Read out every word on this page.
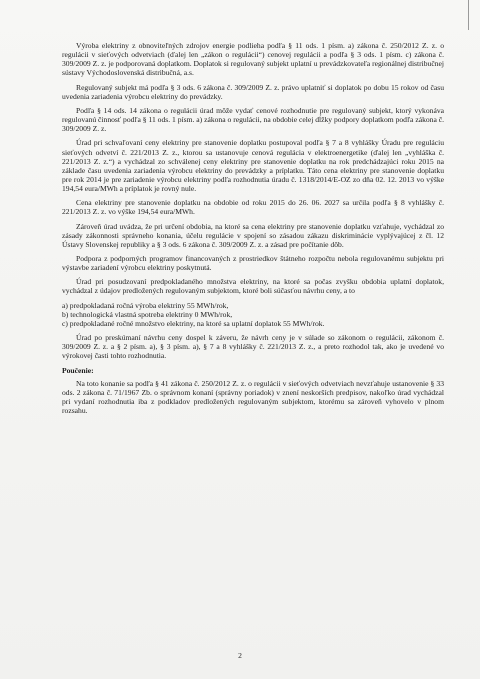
Výroba elektriny z obnoviteľných zdrojov energie podlieha podľa § 11 ods. 1 písm. a) zákona č. 250/2012 Z. z. o regulácii v sieťových odvetviach (ďalej len „zákon o regulácii“) cenovej regulácii a podľa § 3 ods. 1 písm. c) zákona č. 309/2009 Z. z. je podporovaná doplatkom. Doplatok si regulovaný subjekt uplatní u prevádzkovateľa regionálnej distribučnej sústavy Východoslovenská distribučná, a.s.

Regulovaný subjekt má podľa § 3 ods. 6 zákona č. 309/2009 Z. z. právo uplatniť si doplatok po dobu 15 rokov od času uvedenia zariadenia výrobcu elektriny do prevádzky.

Podľa § 14 ods. 14 zákona o regulácii úrad môže vydať cenové rozhodnutie pre regulovaný subjekt, ktorý vykonáva regulovanú činnosť podľa § 11 ods. 1 písm. a) zákona o regulácii, na obdobie celej dĺžky podpory doplatkom podľa zákona č. 309/2009 Z. z.

Úrad pri schvaľovaní ceny elektriny pre stanovenie doplatku postupoval podľa § 7 a 8 vyhlášky Úradu pre reguláciu sieťových odvetví č. 221/2013 Z. z., ktorou sa ustanovuje cenová regulácia v elektroenergetike (ďalej len „vyhláška č. 221/2013 Z. z.“) a vychádzal zo schválenej ceny elektriny pre stanovenie doplatku na rok predchádzajúci roku 2015 na základe času uvedenia zariadenia výrobcu elektriny do prevádzky a príplatku. Táto cena elektriny pre stanovenie doplatku pre rok 2014 je pre zariadenie výrobcu elektriny podľa rozhodnutia úradu č. 1318/2014/E-OZ zo dňa 02. 12. 2013 vo výške 194,54 eura/MWh a príplatok je rovný nule.

Cena elektriny pre stanovenie doplatku na obdobie od roku 2015 do 26. 06. 2027 sa určila podľa § 8 vyhlášky č. 221/2013 Z. z. vo výške 194,54 eura/MWh.

Zároveň úrad uvádza, že pri určení obdobia, na ktoré sa cena elektriny pre stanovenie doplatku vzťahuje, vychádzal zo zásady zákonnosti správneho konania, účelu regulácie v spojení so zásadou zákazu diskriminácie vyplývajúcej z čl. 12 Ústavy Slovenskej republiky a § 3 ods. 6 zákona č. 309/2009 Z. z. a zásad pre počítanie dôb.

Podpora z podporných programov financovaných z prostriedkov štátneho rozpočtu nebola regulovanému subjektu pri výstavbe zariadení výrobcu elektriny poskytnutá.

Úrad pri posudzovaní predpokladaného množstva elektriny, na ktoré sa počas zvyšku obdobia uplatní doplatok, vychádzal z údajov predložených regulovaným subjektom, ktoré boli súčasťou návrhu ceny, a to

a) predpokladaná ročná výroba elektriny 55 MWh/rok,
b) technologická vlastná spotreba elektriny 0 MWh/rok,
c) predpokladané ročné množstvo elektriny, na ktoré sa uplatní doplatok 55 MWh/rok.

Úrad po preskúmaní návrhu ceny dospel k záveru, že návrh ceny je v súlade so zákonom o regulácii, zákonom č. 309/2009 Z. z. a § 2 písm. a), § 3 písm. a), § 7 a 8 vyhlášky č. 221/2013 Z. z., a preto rozhodol tak, ako je uvedené vo výrokovej časti tohto rozhodnutia.

Poučenie:

Na toto konanie sa podľa § 41 zákona č. 250/2012 Z. z. o regulácii v sieťových odvetviach nevzťahuje ustanovenie § 33 ods. 2 zákona č. 71/1967 Zb. o správnom konaní (správny poriadok) v znení neskorších predpisov, nakoľko úrad vychádzal pri vydaní rozhodnutia iba z podkladov predložených regulovaným subjektom, ktorému sa zároveň vyhovelo v plnom rozsahu.

2
